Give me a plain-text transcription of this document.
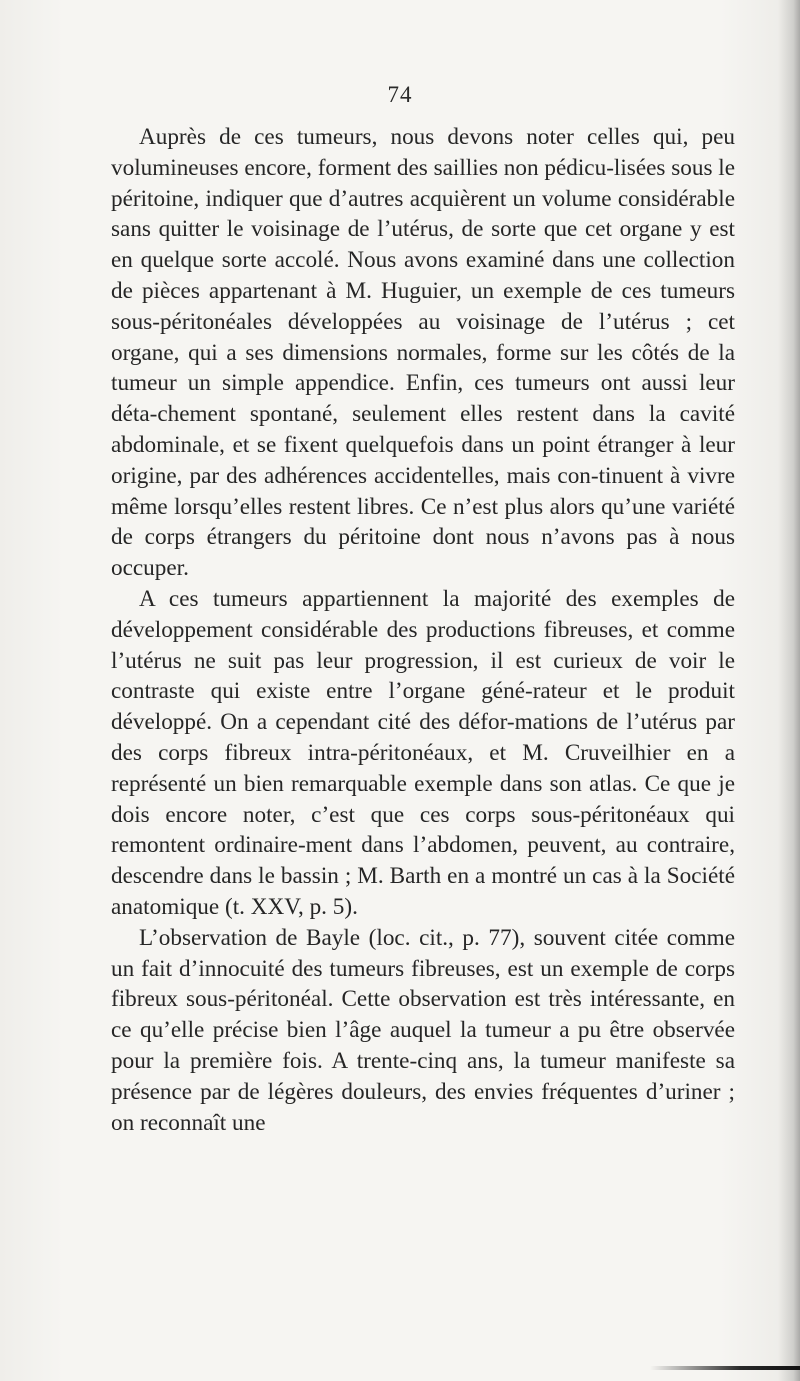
74

Auprès de ces tumeurs, nous devons noter celles qui, peu volumineuses encore, forment des saillies non pédicu-lisées sous le péritoine, indiquer que d’autres acquièrent un volume considérable sans quitter le voisinage de l’utérus, de sorte que cet organe y est en quelque sorte accolé. Nous avons examiné dans une collection de pièces appartenant à M. Huguier, un exemple de ces tumeurs sous-péritonéales développées au voisinage de l’utérus ; cet organe, qui a ses dimensions normales, forme sur les côtés de la tumeur un simple appendice. Enfin, ces tumeurs ont aussi leur déta-chement spontané, seulement elles restent dans la cavité abdominale, et se fixent quelquefois dans un point étranger à leur origine, par des adhérences accidentelles, mais con-tinuent à vivre même lorsqu’elles restent libres. Ce n’est plus alors qu’une variété de corps étrangers du péritoine dont nous n’avons pas à nous occuper.

A ces tumeurs appartiennent la majorité des exemples de développement considérable des productions fibreuses, et comme l’utérus ne suit pas leur progression, il est curieux de voir le contraste qui existe entre l’organe géné-rateur et le produit développé. On a cependant cité des défor-mations de l’utérus par des corps fibreux intra-péritonéaux, et M. Cruveilhier en a représenté un bien remarquable exemple dans son atlas. Ce que je dois encore noter, c’est que ces corps sous-péritonéaux qui remontent ordinaire-ment dans l’abdomen, peuvent, au contraire, descendre dans le bassin ; M. Barth en a montré un cas à la Société anatomique (t. XXV, p. 5).

L’observation de Bayle (loc. cit., p. 77), souvent citée comme un fait d’innocuité des tumeurs fibreuses, est un exemple de corps fibreux sous-péritonéal. Cette observation est très intéressante, en ce qu’elle précise bien l’âge auquel la tumeur a pu être observée pour la première fois. A trente-cinq ans, la tumeur manifeste sa présence par de légères douleurs, des envies fréquentes d’uriner ; on reconnaît une
